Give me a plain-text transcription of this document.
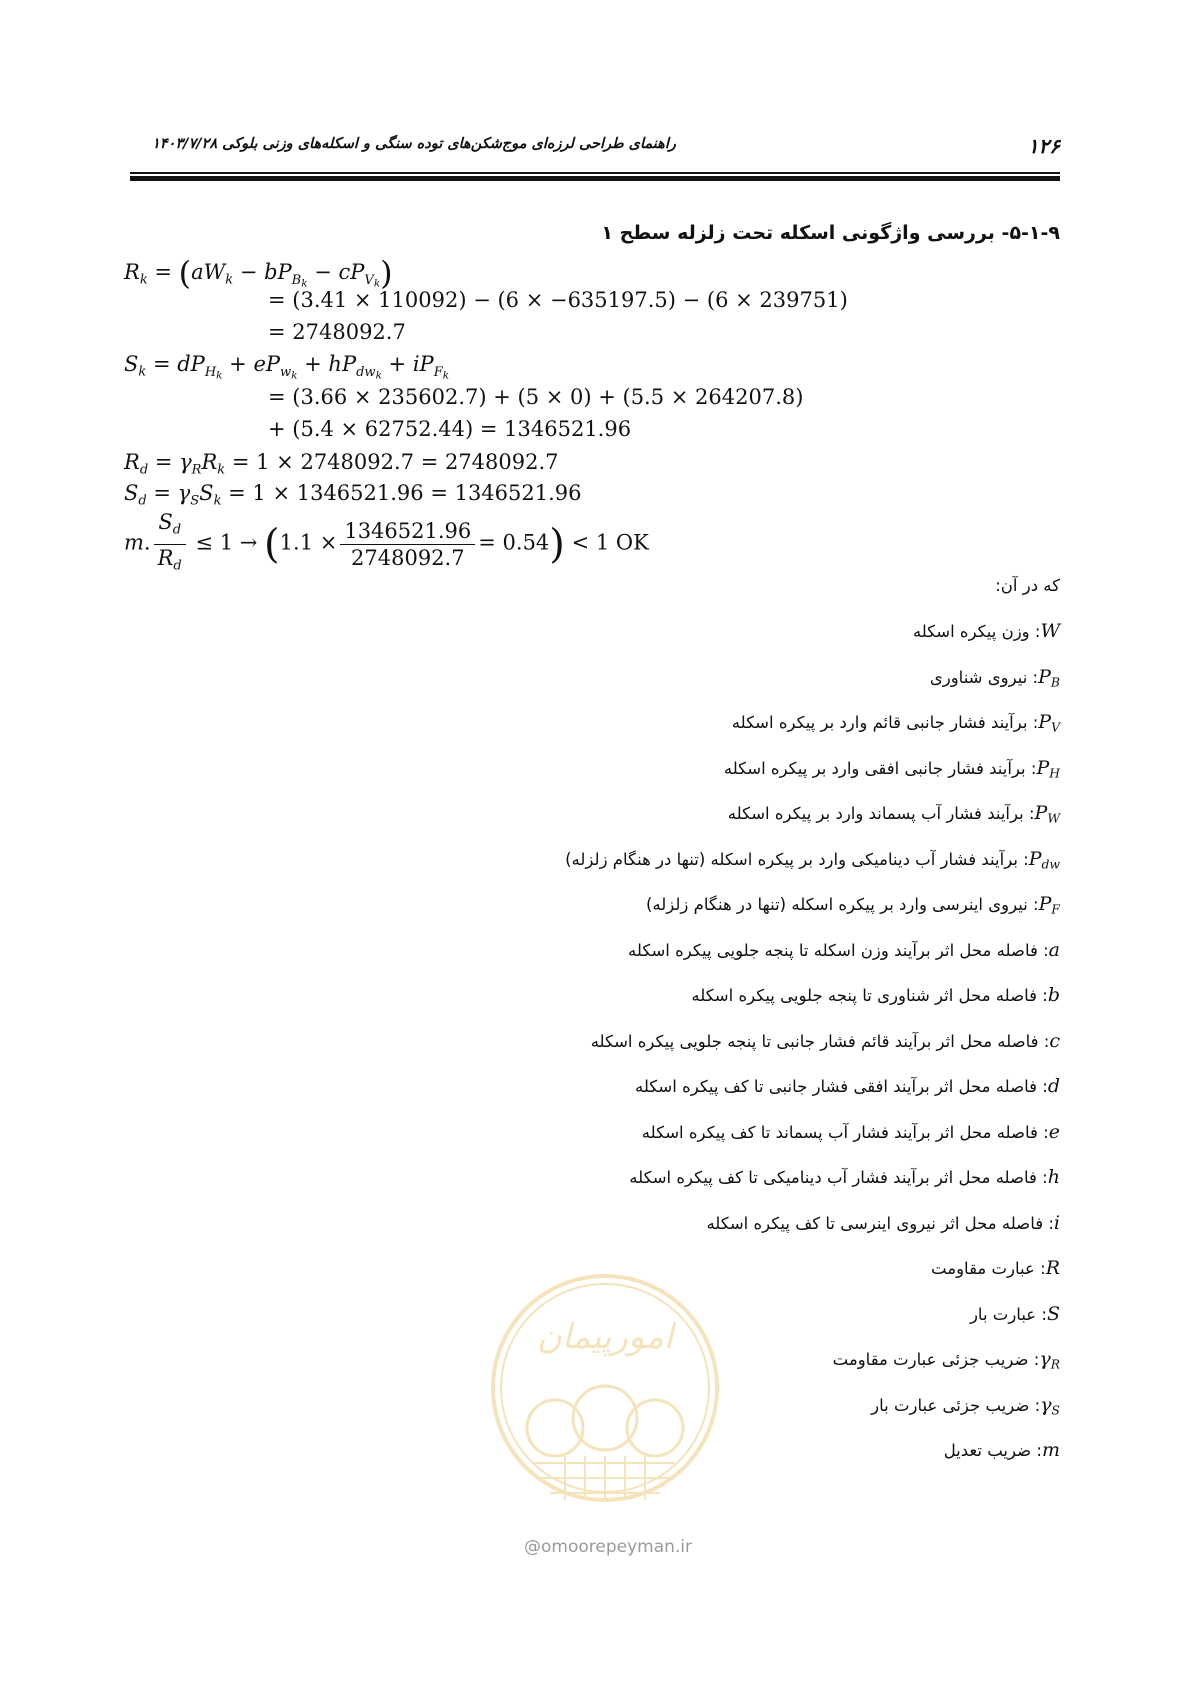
۱۲۶
راهنمای طراحی لرزه‌ای موج‌شکن‌های توده سنگی و اسکله‌های وزنی بلوکی ۱۴۰۳/۷/۲۸
۵-۱-۹- بررسی واژگونی اسکله تحت زلزله سطح ۱
$R_k = (aW_k - bP_{B_k} - cP_{V_k})$
= (3.41 × 110092) − (6 × −635197.5) − (6 × 239751)
= 2748092.7
$S_k = dP_{H_k} + eP_{w_k} + hP_{dw_k} + iP_{F_k}$
= (3.66 × 235602.7) + (5 × 0) + (5.5 × 264207.8)
+ (5.4 × 62752.44) = 1346521.96
$R_d = \gamma_RR_k = 1 \times 2748092.7 = 2748092.7$
$S_d = \gamma_SS_k = 1 \times 1346521.96 = 1346521.96$
m. $\frac{S_d}{R_d} \le 1 \to (1.1 \times \frac{1346521.96}{2748092.7} = 0.54) < 1$ OK
که در آن:
W: وزن پیکره اسکله
$P_B$: نیروی شناوری
$P_V$: برآیند فشار جانبی قائم وارد بر پیکره اسکله
$P_H$: برآیند فشار جانبی افقی وارد بر پیکره اسکله
$P_W$: برآیند فشار آب پسماند وارد بر پیکره اسکله
$P_{dw}$: برآیند فشار آب دینامیکی وارد بر پیکره اسکله (تنها در هنگام زلزله)
$P_F$: نیروی اینرسی وارد بر پیکره اسکله (تنها در هنگام زلزله)
a: فاصله محل اثر برآیند وزن اسکله تا پنجه جلویی پیکره اسکله
b: فاصله محل اثر شناوری تا پنجه جلویی پیکره اسکله
c: فاصله محل اثر برآیند قائم فشار جانبی تا پنجه جلویی پیکره اسکله
d: فاصله محل اثر برآیند افقی فشار جانبی تا کف پیکره اسکله
e: فاصله محل اثر برآیند فشار آب پسماند تا کف پیکره اسکله
h: فاصله محل اثر برآیند فشار آب دینامیکی تا کف پیکره اسکله
i: فاصله محل اثر نیروی اینرسی تا کف پیکره اسکله
R: عبارت مقاومت
S: عبارت بار
$\gamma_R$: ضریب جزئی عبارت مقاومت
$\gamma_S$: ضریب جزئی عبارت بار
m: ضریب تعدیل
امورپیمان
@omoorepeyman.ir
